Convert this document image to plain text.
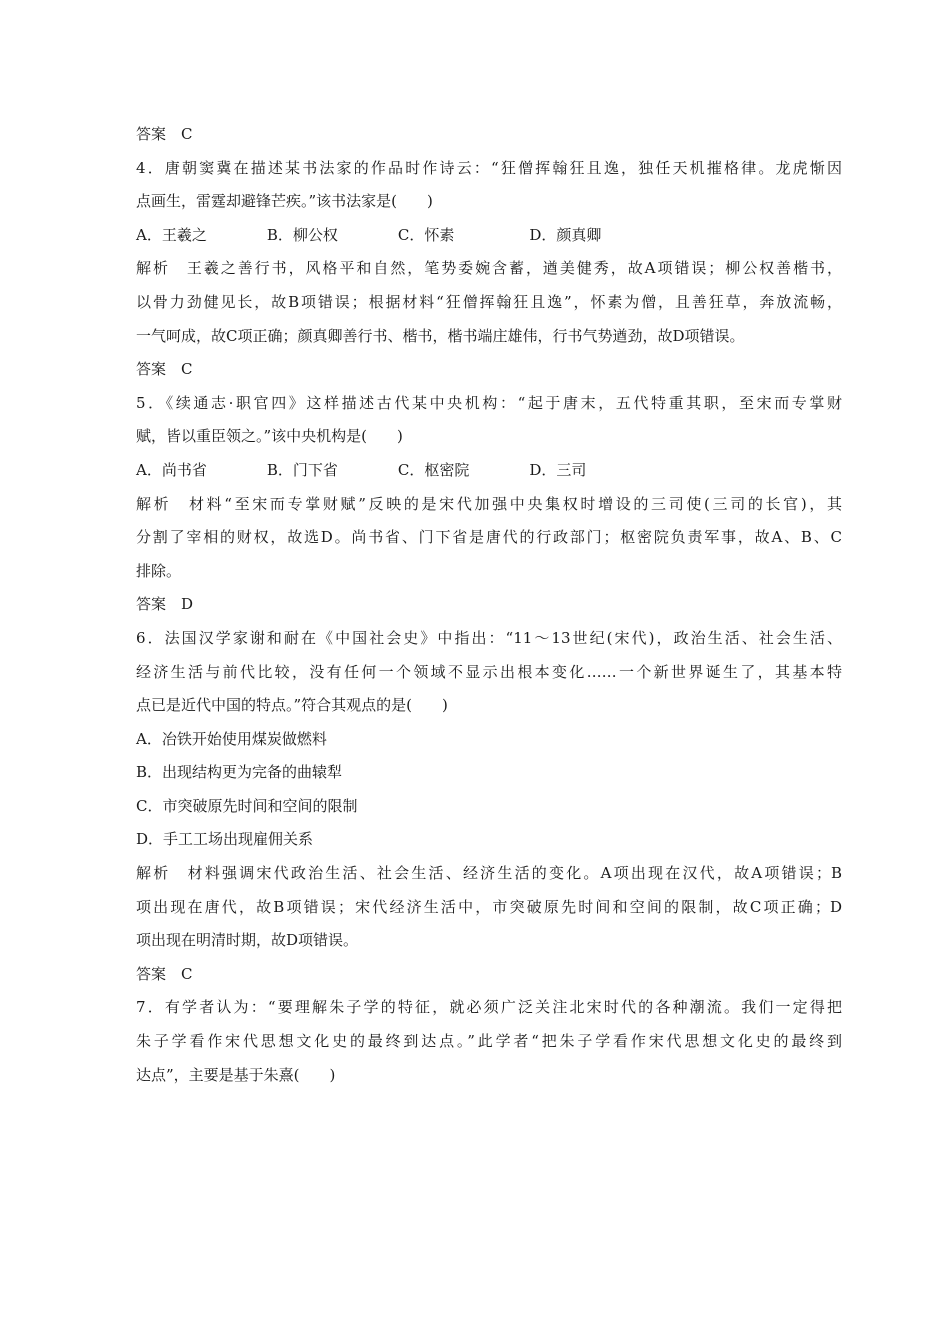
答案　C
4．唐朝窦冀在描述某书法家的作品时作诗云：“狂僧挥翰狂且逸，独任天机摧格律。龙虎惭因
点画生，雷霆却避锋芒疾。”该书法家是(　　)
A．王羲之　　　　B．柳公权　　　　C．怀素　　　　　D．颜真卿
解析　王羲之善行书，风格平和自然，笔势委婉含蓄，遒美健秀，故A项错误；柳公权善楷书，
以骨力劲健见长，故B项错误；根据材料“狂僧挥翰狂且逸”，怀素为僧，且善狂草，奔放流畅，
一气呵成，故C项正确；颜真卿善行书、楷书，楷书端庄雄伟，行书气势遒劲，故D项错误。
答案　C
5．《续通志·职官四》这样描述古代某中央机构：“起于唐末，五代特重其职，至宋而专掌财
赋，皆以重臣领之。”该中央机构是(　　)
A．尚书省　　　　B．门下省　　　　C．枢密院　　　　D．三司
解析　材料“至宋而专掌财赋”反映的是宋代加强中央集权时增设的三司使(三司的长官)，其
分割了宰相的财权，故选D。尚书省、门下省是唐代的行政部门；枢密院负责军事，故A、B、C
排除。
答案　D
6．法国汉学家谢和耐在《中国社会史》中指出：“11～13世纪(宋代)，政治生活、社会生活、
经济生活与前代比较，没有任何一个领域不显示出根本变化……一个新世界诞生了，其基本特
点已是近代中国的特点。”符合其观点的是(　　)
A．冶铁开始使用煤炭做燃料
B．出现结构更为完备的曲辕犁
C．市突破原先时间和空间的限制
D．手工工场出现雇佣关系
解析　材料强调宋代政治生活、社会生活、经济生活的变化。A项出现在汉代，故A项错误；B
项出现在唐代，故B项错误；宋代经济生活中，市突破原先时间和空间的限制，故C项正确；D
项出现在明清时期，故D项错误。
答案　C
7．有学者认为：“要理解朱子学的特征，就必须广泛关注北宋时代的各种潮流。我们一定得把
朱子学看作宋代思想文化史的最终到达点。”此学者“把朱子学看作宋代思想文化史的最终到
达点”，主要是基于朱熹(　　)
